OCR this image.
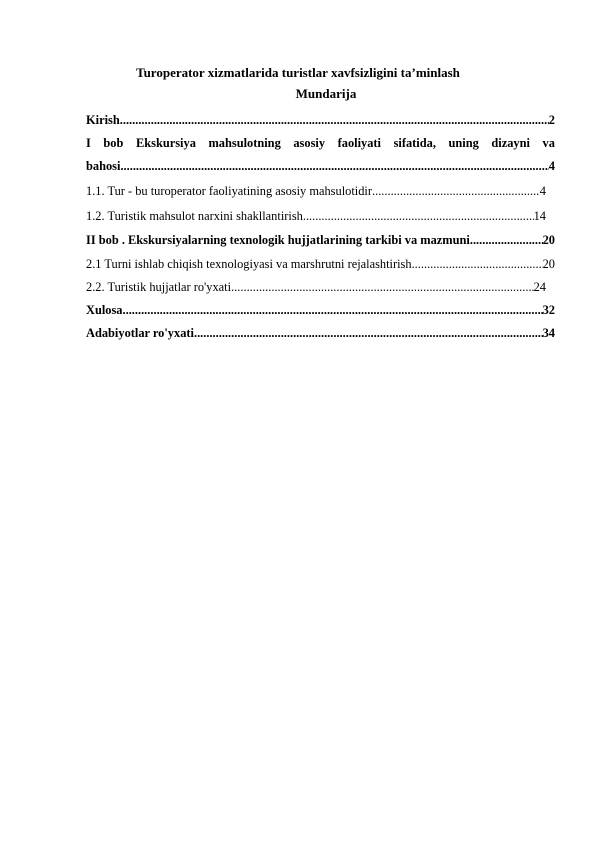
Turoperator xizmatlarida turistlar xavfsizligini ta’minlash
Mundarija
Kirish .....	2
I bob Ekskursiya mahsulotning asosiy faoliyati sifatida, uning dizayni va
bahosi .....	4
1.1. Tur - bu turoperator faoliyatining asosiy mahsulotidir .....	4
1.2. Turistik mahsulot narxini shakllantirish .....	14
II bob . Ekskursiyalarning texnologik hujjatlarining tarkibi va mazmuni .....	20
2.1 Turni ishlab chiqish texnologiyasi va marshrutni rejalashtirish .....	20
2.2. Turistik hujjatlar ro'yxati .....	24
Xulosa .....	32
Adabiyotlar ro'yxati .....	34
